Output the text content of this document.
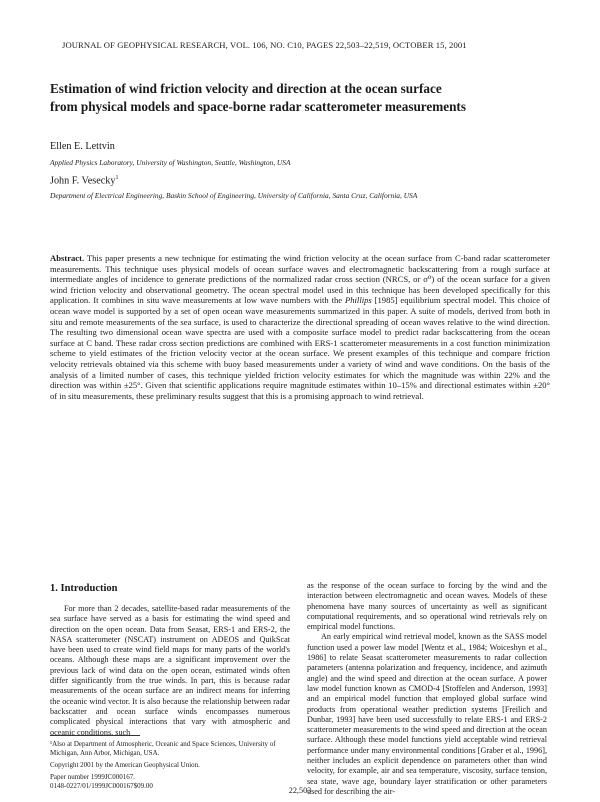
JOURNAL OF GEOPHYSICAL RESEARCH, VOL. 106, NO. C10, PAGES 22,503–22,519, OCTOBER 15, 2001
Estimation of wind friction velocity and direction at the ocean surface from physical models and space-borne radar scatterometer measurements
Ellen E. Lettvin
Applied Physics Laboratory, University of Washington, Seattle, Washington, USA
John F. Vesecky$^1$
Department of Electrical Engineering, Baskin School of Engineering, University of California, Santa Cruz, California, USA
Abstract. This paper presents a new technique for estimating the wind friction velocity at the ocean surface from C-band radar scatterometer measurements. This technique uses physical models of ocean surface waves and electromagnetic backscattering from a rough surface at intermediate angles of incidence to generate predictions of the normalized radar cross section (NRCS, or σ⁰) of the ocean surface for a given wind friction velocity and observational geometry. The ocean spectral model used in this technique has been developed specifically for this application. It combines in situ wave measurements at low wave numbers with the Phillips [1985] equilibrium spectral model. This choice of ocean wave model is supported by a set of open ocean wave measurements summarized in this paper. A suite of models, derived from both in situ and remote measurements of the sea surface, is used to characterize the directional spreading of ocean waves relative to the wind direction. The resulting two dimensional ocean wave spectra are used with a composite surface model to predict radar backscattering from the ocean surface at C band. These radar cross section predictions are combined with ERS-1 scatterometer measurements in a cost function minimization scheme to yield estimates of the friction velocity vector at the ocean surface. We present examples of this technique and compare friction velocity retrievals obtained via this scheme with buoy based measurements under a variety of wind and wave conditions. On the basis of the analysis of a limited number of cases, this technique yielded friction velocity estimates for which the magnitude was within 22% and the direction was within ±25°. Given that scientific applications require magnitude estimates within 10–15% and directional estimates within ±20° of in situ measurements, these preliminary results suggest that this is a promising approach to wind retrieval.
1. Introduction

For more than 2 decades, satellite-based radar measurements of the sea surface have served as a basis for estimating the wind speed and direction on the open ocean. Data from Seasat, ERS-1 and ERS-2, the NASA scatterometer (NSCAT) instrument on ADEOS and QuikScat have been used to create wind field maps for many parts of the world's oceans. Although these maps are a significant improvement over the previous lack of wind data on the open ocean, estimated winds often differ significantly from the true winds. In part, this is because radar measurements of the ocean surface are an indirect means for inferring the oceanic wind vector. It is also because the relationship between radar backscatter and ocean surface winds encompasses numerous complicated physical interactions that vary with atmospheric and oceanic conditions, such

as the response of the ocean surface to forcing by the wind and the interaction between electromagnetic and ocean waves. Models of these phenomena have many sources of uncertainty as well as significant computational requirements, and so operational wind retrievals rely on empirical model functions.

An early empirical wind retrieval model, known as the SASS model function used a power law model [Wentz et al., 1984; Woiceshyn et al., 1986] to relate Seasat scatterometer measurements to radar collection parameters (antenna polarization and frequency, incidence, and azimuth angle) and the wind speed and direction at the ocean surface. A power law model function known as CMOD-4 [Stoffelen and Anderson, 1993] and an empirical model function that employed global surface wind products from operational weather prediction systems [Freilich and Dunbar, 1993] have been used successfully to relate ERS-1 and ERS-2 scatterometer measurements to the wind speed and direction at the ocean surface. Although these model functions yield acceptable wind retrieval performance under many environmental conditions [Graber et al., 1996], neither includes an explicit dependence on parameters other than wind velocity, for example, air and sea temperature, viscosity, surface tension, sea state, wave age, boundary layer stratification or other parameters used for describing the air-

¹Also at Department of Atmospheric, Oceanic and Space Sciences, University of Michigan, Ann Arbor, Michigan, USA.
Copyright 2001 by the American Geophysical Union.
Paper number 1999JC000167.
0148-0227/01/1999JC000167$09.00	22,503
